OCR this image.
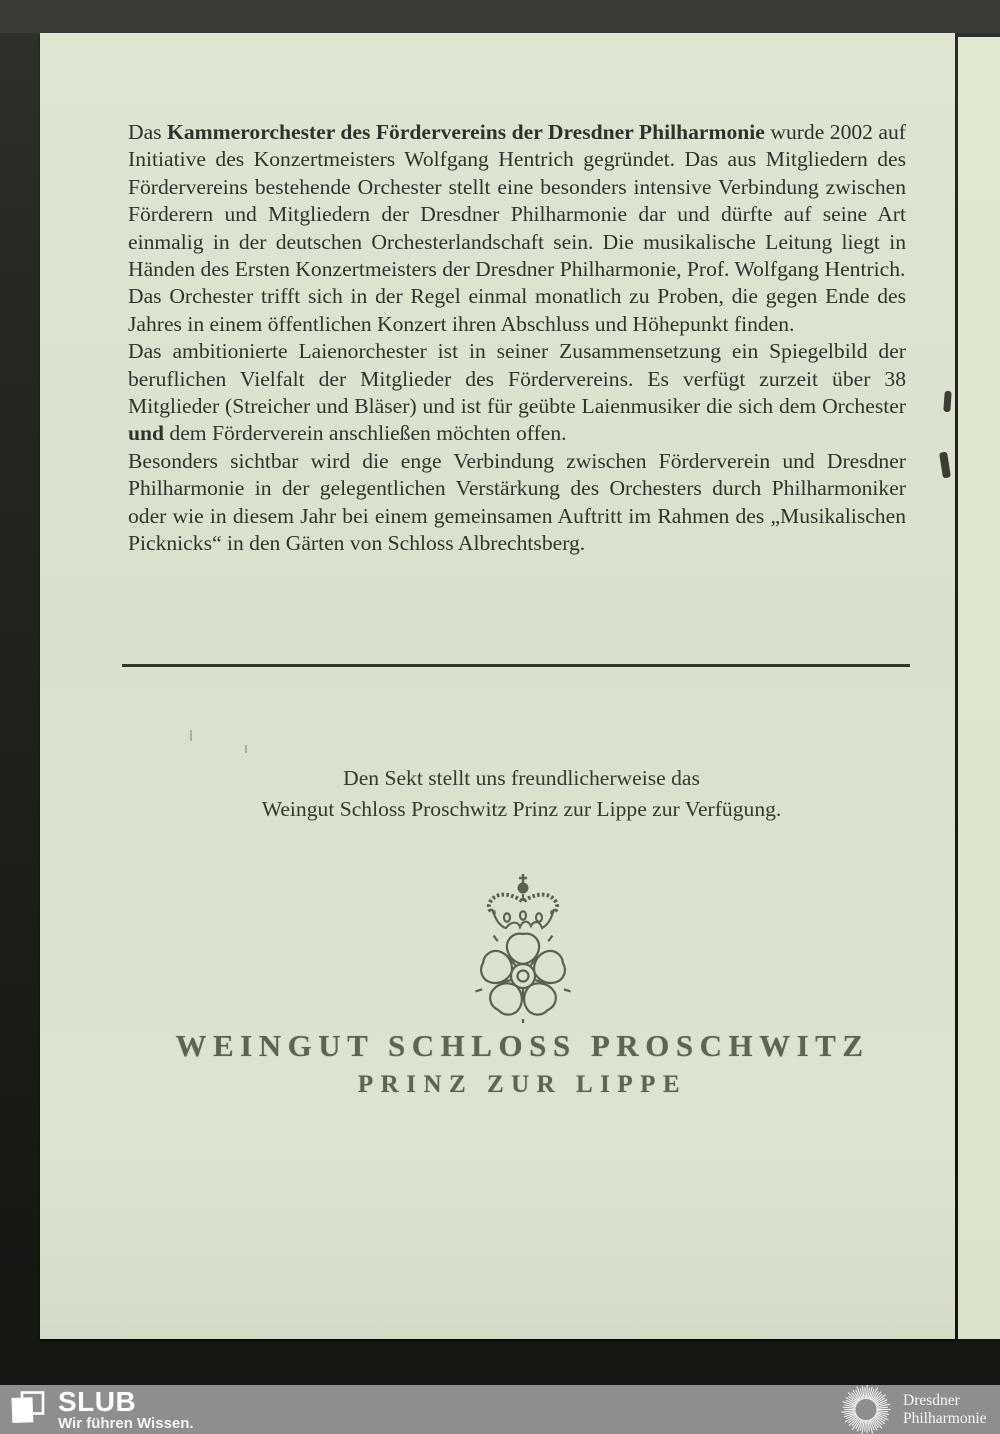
Das Kammerorchester des Fördervereins der Dresdner Philharmonie wurde 2002 auf Initiative des Konzertmeisters Wolfgang Hentrich gegründet. Das aus Mitgliedern des Fördervereins bestehende Orchester stellt eine besonders intensive Verbindung zwischen Förderern und Mitgliedern der Dresdner Philharmonie dar und dürfte auf seine Art einmalig in der deutschen Orchesterlandschaft sein. Die musikalische Leitung liegt in Händen des Ersten Konzertmeisters der Dresdner Philharmonie, Prof. Wolfgang Hentrich.

Das Orchester trifft sich in der Regel einmal monatlich zu Proben, die gegen Ende des Jahres in einem öffentlichen Konzert ihren Abschluss und Höhepunkt finden.

Das ambitionierte Laienorchester ist in seiner Zusammensetzung ein Spiegelbild der beruflichen Vielfalt der Mitglieder des Fördervereins. Es verfügt zurzeit über 38 Mitglieder (Streicher und Bläser) und ist für geübte Laienmusiker die sich dem Orchester und dem Förderverein anschließen möchten offen.

Besonders sichtbar wird die enge Verbindung zwischen Förderverein und Dresdner Philharmonie in der gelegentlichen Verstärkung des Orchesters durch Philharmoniker oder wie in diesem Jahr bei einem gemeinsamen Auftritt im Rahmen des „Musikalischen Picknicks“ in den Gärten von Schloss Albrechtsberg.

Den Sekt stellt uns freundlicherweise das
Weingut Schloss Proschwitz Prinz zur Lippe zur Verfügung.
WEINGUT SCHLOSS PROSCHWITZ
PRINZ ZUR LIPPE
SLUB
Wir führen Wissen.
Dresdner
Philharmonie
